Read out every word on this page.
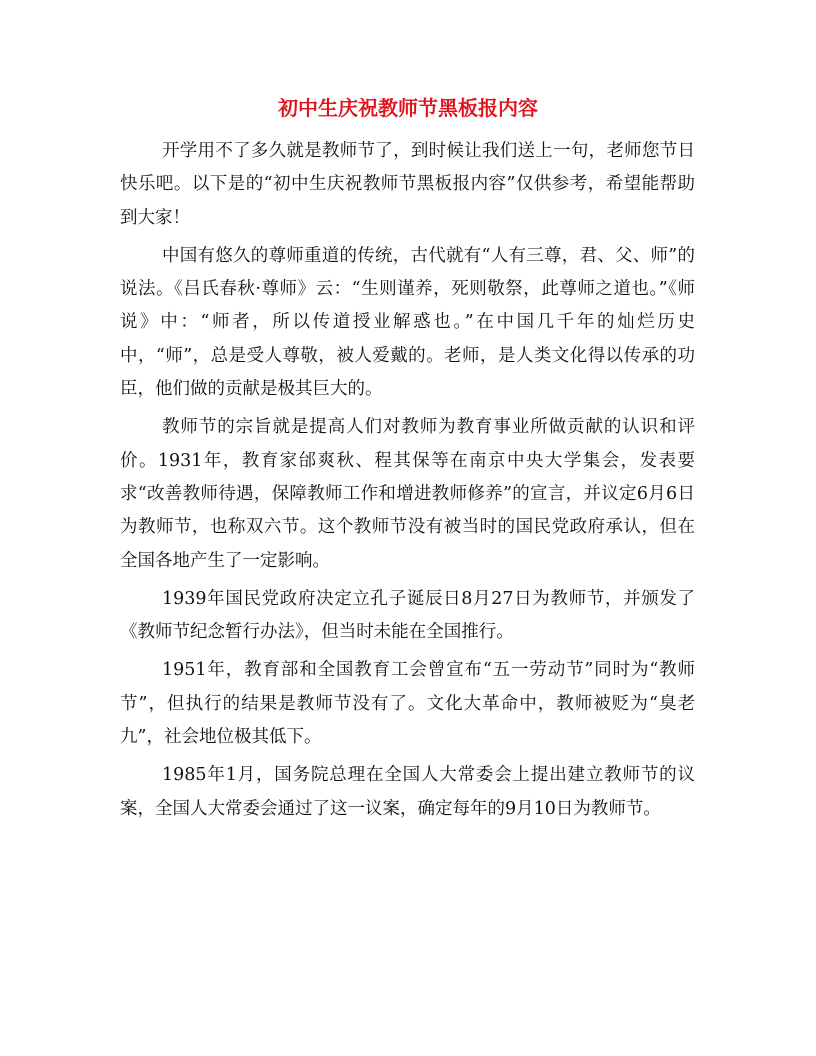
初中生庆祝教师节黑板报内容

开学用不了多久就是教师节了，到时候让我们送上一句，老师您节日快乐吧。以下是的“初中生庆祝教师节黑板报内容”仅供参考，希望能帮助到大家！

中国有悠久的尊师重道的传统，古代就有“人有三尊，君、父、师”的说法。《吕氏春秋·尊师》云：“生则谨养，死则敬祭，此尊师之道也。”《师说》中：“师者，所以传道授业解惑也。”在中国几千年的灿烂历史中，“师”，总是受人尊敬，被人爱戴的。老师，是人类文化得以传承的功臣，他们做的贡献是极其巨大的。

教师节的宗旨就是提高人们对教师为教育事业所做贡献的认识和评价。1931年，教育家邰爽秋、程其保等在南京中央大学集会，发表要求“改善教师待遇，保障教师工作和增进教师修养”的宣言，并议定6月6日为教师节，也称双六节。这个教师节没有被当时的国民党政府承认，但在全国各地产生了一定影响。

1939年国民党政府决定立孔子诞辰日8月27日为教师节，并颁发了《教师节纪念暂行办法》，但当时未能在全国推行。

1951年，教育部和全国教育工会曾宣布“五一劳动节”同时为“教师节”，但执行的结果是教师节没有了。文化大革命中，教师被贬为“臭老九”，社会地位极其低下。

1985年1月，国务院总理在全国人大常委会上提出建立教师节的议案，全国人大常委会通过了这一议案，确定每年的9月10日为教师节。
